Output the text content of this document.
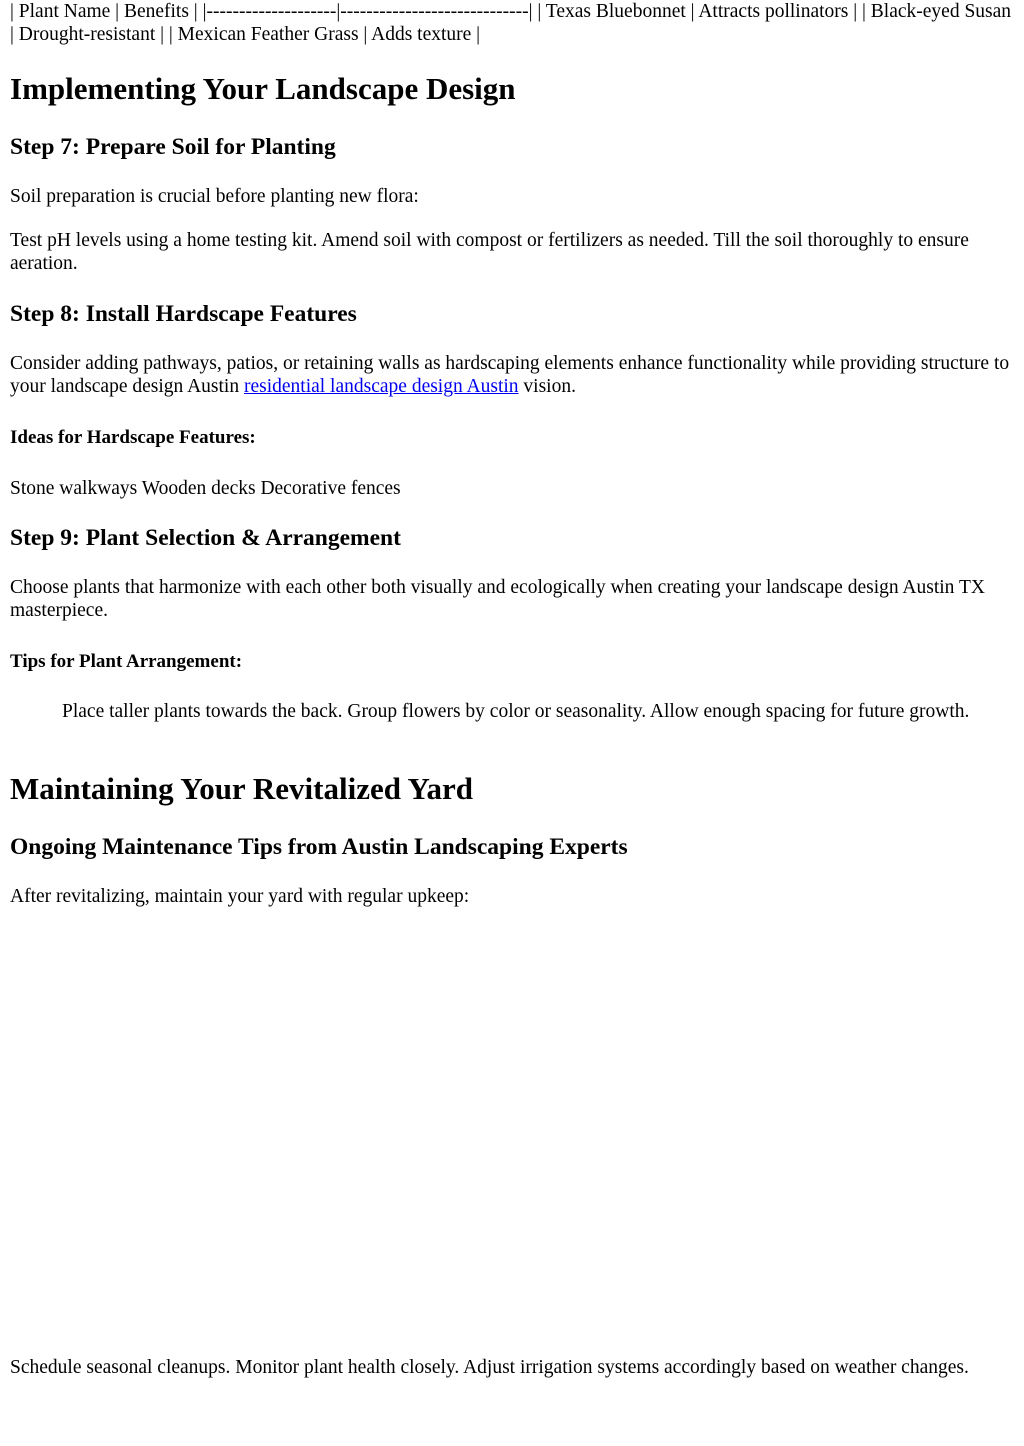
| Plant Name | Benefits | |--------------------|-----------------------------| | Texas Bluebonnet | Attracts pollinators | | Black-eyed Susan | Drought-resistant | | Mexican Feather Grass | Adds texture |

Implementing Your Landscape Design
Step 7: Prepare Soil for Planting

Soil preparation is crucial before planting new flora:

Test pH levels using a home testing kit. Amend soil with compost or fertilizers as needed. Till the soil thoroughly to ensure aeration.

Step 8: Install Hardscape Features

Consider adding pathways, patios, or retaining walls as hardscaping elements enhance functionality while providing structure to your landscape design Austin residential landscape design Austin vision.

Ideas for Hardscape Features:

Stone walkways Wooden decks Decorative fences

Step 9: Plant Selection & Arrangement

Choose plants that harmonize with each other both visually and ecologically when creating your landscape design Austin TX masterpiece.

Tips for Plant Arrangement:

Place taller plants towards the back. Group flowers by color or seasonality. Allow enough spacing for future growth.

Maintaining Your Revitalized Yard
Ongoing Maintenance Tips from Austin Landscaping Experts

After revitalizing, maintain your yard with regular upkeep:

Schedule seasonal cleanups. Monitor plant health closely. Adjust irrigation systems accordingly based on weather changes.
